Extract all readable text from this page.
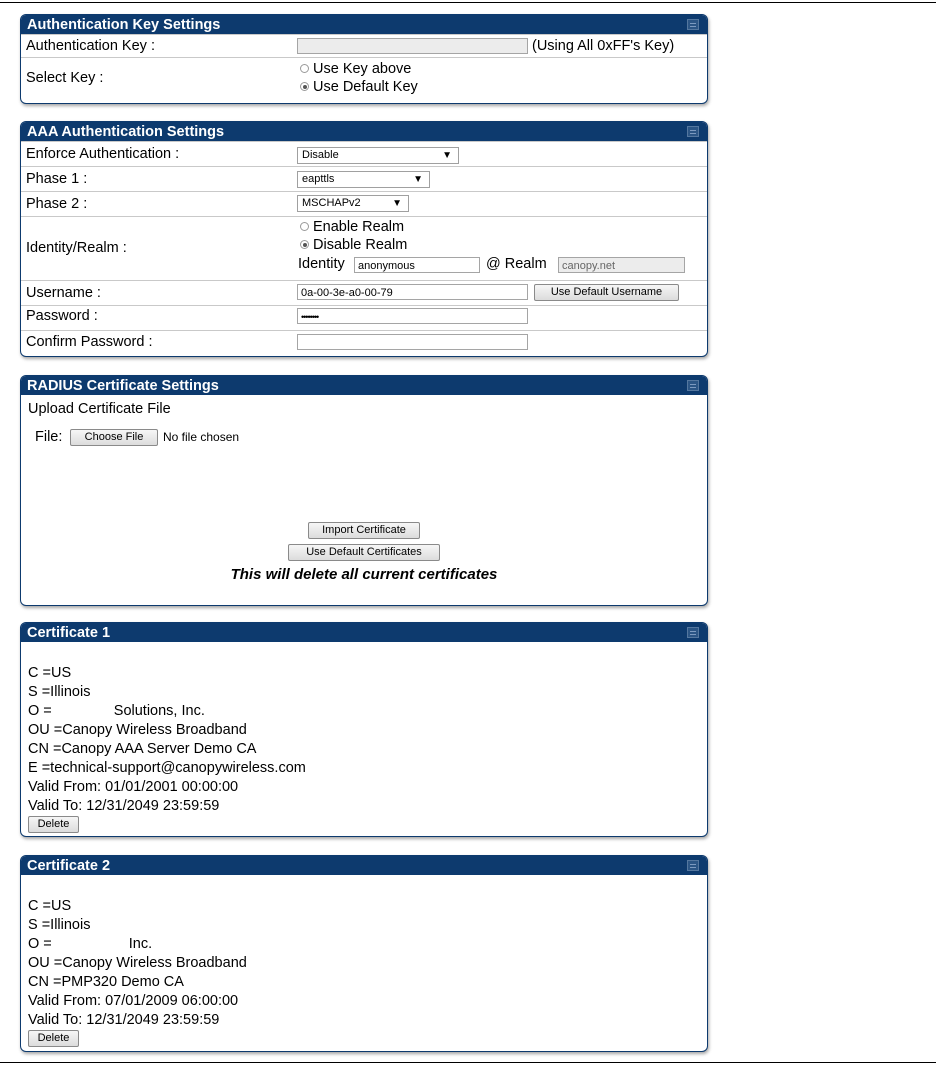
Authentication Key Settings
Authentication Key :	(Using All 0xFF's Key)
Select Key :
Use Key above
Use Default Key
AAA Authentication Settings
Enforce Authentication :	Disable	▼
Phase 1 :	eapttls	▼
Phase 2 :	MSCHAPv2	▼
Identity/Realm :
Enable Realm
Disable Realm
Identity	anonymous	@ Realm	canopy.net
Username :	0a-00-3e-a0-00-79	Use Default Username
Password :	••••••••
Confirm Password :
RADIUS Certificate Settings
Upload Certificate File
File:	Choose File	No file chosen
Import Certificate
Use Default Certificates
This will delete all current certificates
Certificate 1
C =US
S =Illinois
O =	Solutions, Inc.
OU =Canopy Wireless Broadband
CN =Canopy AAA Server Demo CA
E =technical-support@canopywireless.com
Valid From: 01/01/2001 00:00:00
Valid To: 12/31/2049 23:59:59
Delete
Certificate 2
C =US
S =Illinois
O =	Inc.
OU =Canopy Wireless Broadband
CN =PMP320 Demo CA
Valid From: 07/01/2009 06:00:00
Valid To: 12/31/2049 23:59:59
Delete
